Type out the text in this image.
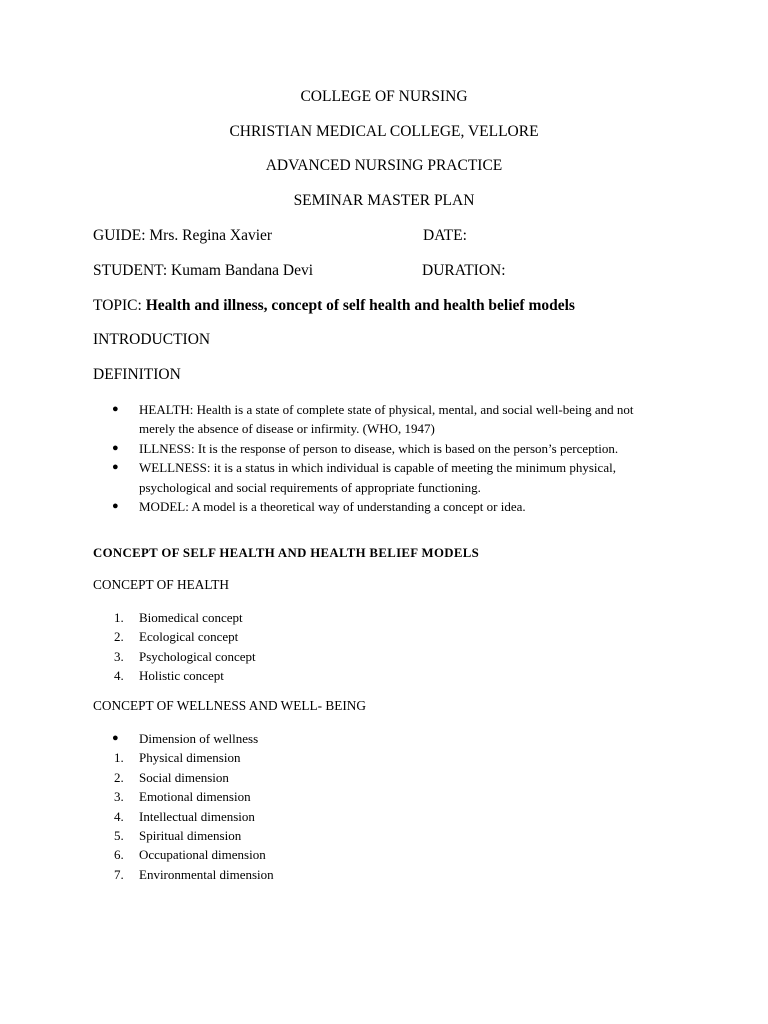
COLLEGE OF NURSING
CHRISTIAN MEDICAL COLLEGE, VELLORE
ADVANCED NURSING PRACTICE
SEMINAR MASTER PLAN
GUIDE: Mrs. Regina Xavier	DATE:
STUDENT: Kumam Bandana Devi	DURATION:
TOPIC: Health and illness, concept of self health and health belief models
INTRODUCTION
DEFINITION
● HEALTH: Health is a state of complete state of physical, mental, and social well-being and not merely the absence of disease or infirmity. (WHO, 1947)
● ILLNESS: It is the response of person to disease, which is based on the person’s perception.
● WELLNESS: it is a status in which individual is capable of meeting the minimum physical, psychological and social requirements of appropriate functioning.
● MODEL: A model is a theoretical way of understanding a concept or idea.
CONCEPT OF SELF HEALTH AND HEALTH BELIEF MODELS
CONCEPT OF HEALTH
1. Biomedical concept
2. Ecological concept
3. Psychological concept
4. Holistic concept
CONCEPT OF WELLNESS AND WELL- BEING
● Dimension of wellness
1. Physical dimension
2. Social dimension
3. Emotional dimension
4. Intellectual dimension
5. Spiritual dimension
6. Occupational dimension
7. Environmental dimension
